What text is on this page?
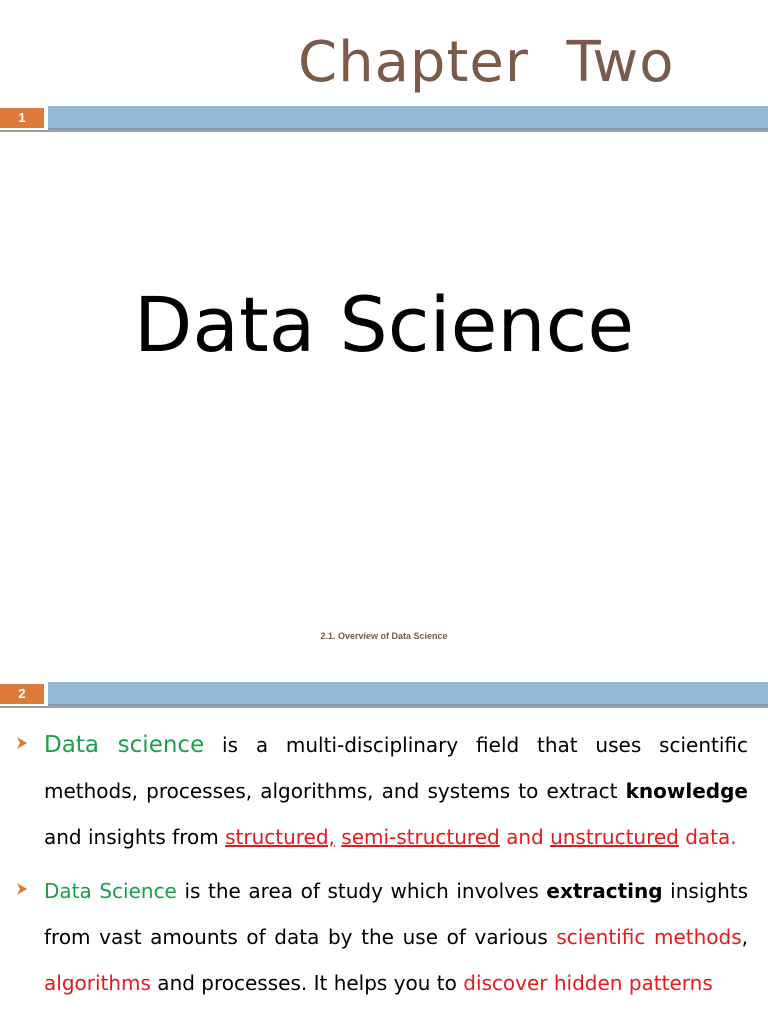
Chapter  Two
1
Data Science
2.1. Overview of Data Science
2
Data science is a multi-disciplinary field that uses scientific methods, processes, algorithms, and systems to extract knowledge and insights from structured, semi-structured and unstructured data.
Data Science is the area of study which involves extracting insights from vast amounts of data by the use of various scientific methods, algorithms and processes. It helps you to discover hidden patterns
